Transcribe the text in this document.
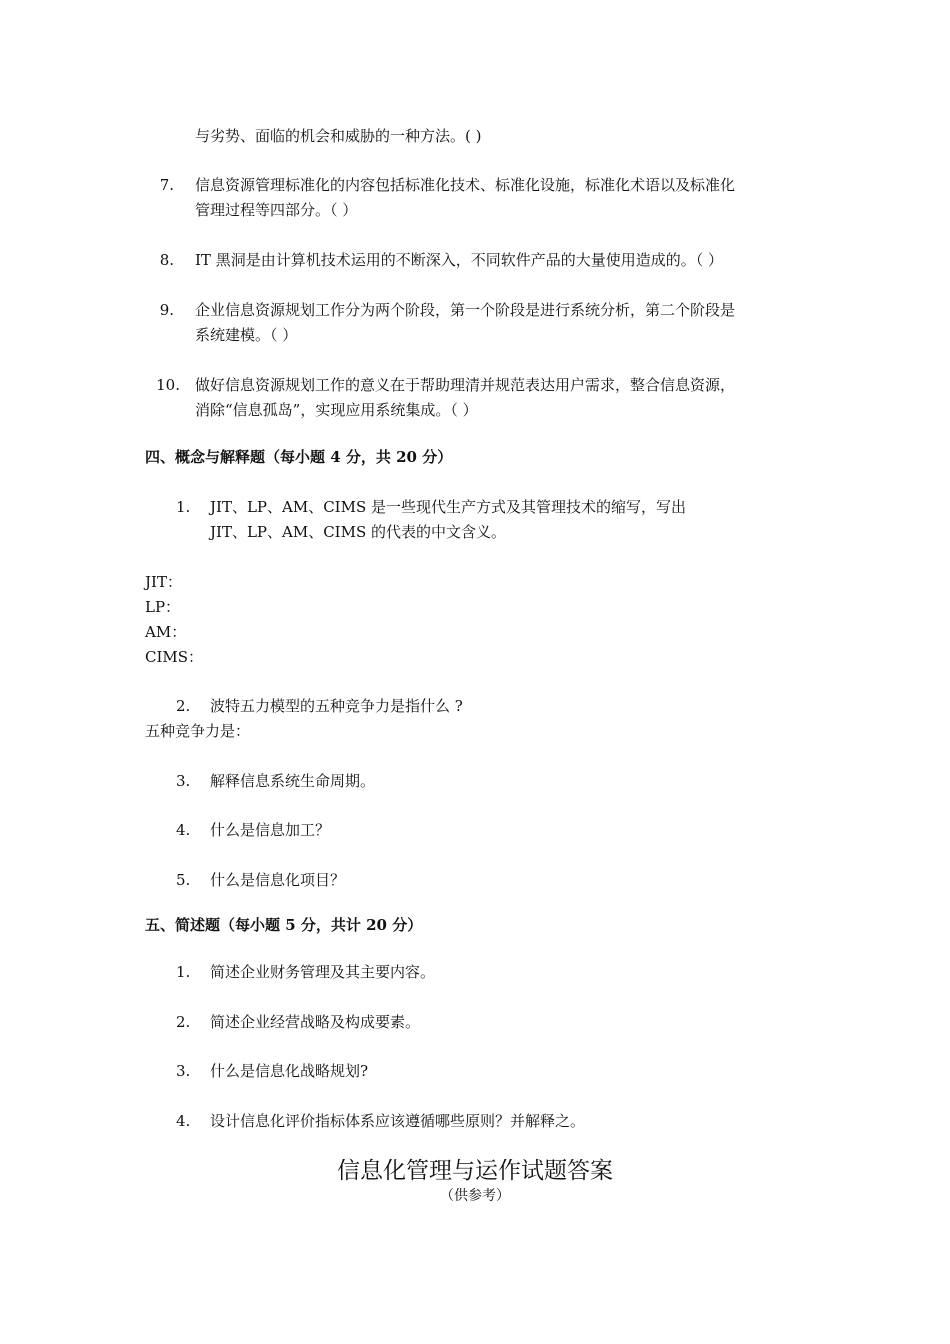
与劣势、面临的机会和威胁的一种方法。( )
7. 信息资源管理标准化的内容包括标准化技术、标准化设施，标准化术语以及标准化
管理过程等四部分。（ ）
8. IT 黑洞是由计算机技术运用的不断深入，不同软件产品的大量使用造成的。（ ）
9. 企业信息资源规划工作分为两个阶段，第一个阶段是进行系统分析，第二个阶段是
系统建模。（ ）
10. 做好信息资源规划工作的意义在于帮助理清并规范表达用户需求，整合信息资源，
消除“信息孤岛”，实现应用系统集成。（ ）
四、概念与解释题（每小题 4 分，共 20 分）
1. JIT、LP、AM、CIMS 是一些现代生产方式及其管理技术的缩写，写出
JIT、LP、AM、CIMS 的代表的中文含义。
JIT：
LP：
AM：
CIMS：
2. 波特五力模型的五种竞争力是指什么 ?
五种竞争力是：
3. 解释信息系统生命周期。
4. 什么是信息加工？
5. 什么是信息化项目？
五、简述题（每小题 5 分，共计 20 分）
1. 简述企业财务管理及其主要内容。
2. 简述企业经营战略及构成要素。
3. 什么是信息化战略规划?
4. 设计信息化评价指标体系应该遵循哪些原则？并解释之。
信息化管理与运作试题答案
（供参考）
